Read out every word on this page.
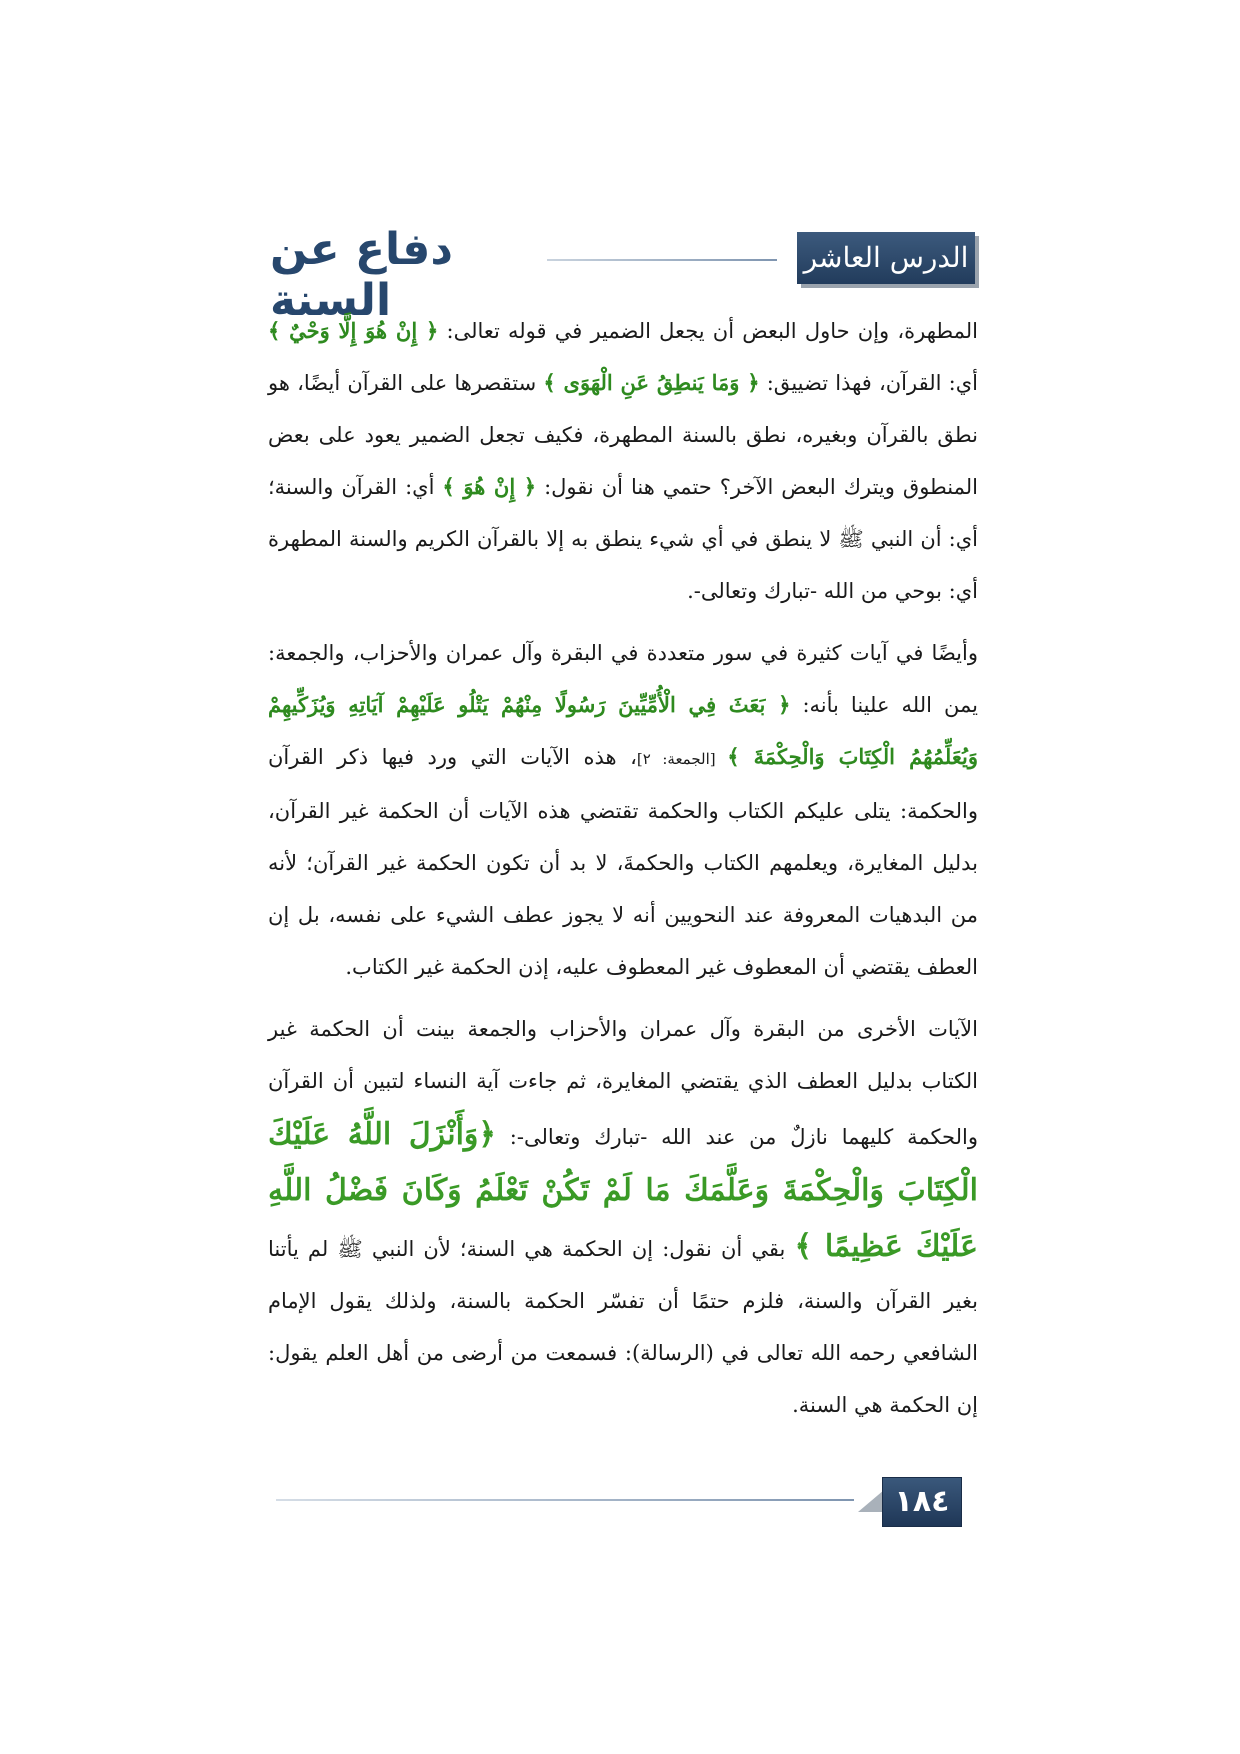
الدرس العاشر
دفاع عن السنة

المطهرة، وإن حاول البعض أن يجعل الضمير في قوله تعالى: ﴿ إِنْ هُوَ إِلَّا وَحْيٌ ﴾ أي: القرآن، فهذا تضييق: ﴿ وَمَا يَنطِقُ عَنِ الْهَوَى ﴾ ستقصرها على القرآن أيضًا، هو نطق بالقرآن وبغيره، نطق بالسنة المطهرة، فكيف تجعل الضمير يعود على بعض المنطوق ويترك البعض الآخر؟ حتمي هنا أن نقول: ﴿ إِنْ هُوَ ﴾ أي: القرآن والسنة؛ أي: أن النبي ﷺ لا ينطق في أي شيء ينطق به إلا بالقرآن الكريم والسنة المطهرة أي: بوحي من الله -تبارك وتعالى-.

وأيضًا في آيات كثيرة في سور متعددة في البقرة وآل عمران والأحزاب، والجمعة: يمن الله علينا بأنه: ﴿ بَعَثَ فِي الْأُمِّيِّينَ رَسُولًا مِنْهُمْ يَتْلُو عَلَيْهِمْ آيَاتِهِ وَيُزَكِّيهِمْ وَيُعَلِّمُهُمُ الْكِتَابَ وَالْحِكْمَةَ ﴾ [الجمعة: ٢]، هذه الآيات التي ورد فيها ذكر القرآن والحكمة: يتلى عليكم الكتاب والحكمة تقتضي هذه الآيات أن الحكمة غير القرآن، بدليل المغايرة، ويعلمهم الكتاب والحكمةَ، لا بد أن تكون الحكمة غير القرآن؛ لأنه من البدهيات المعروفة عند النحويين أنه لا يجوز عطف الشيء على نفسه، بل إن العطف يقتضي أن المعطوف غير المعطوف عليه، إذن الحكمة غير الكتاب.

الآيات الأخرى من البقرة وآل عمران والأحزاب والجمعة بينت أن الحكمة غير الكتاب بدليل العطف الذي يقتضي المغايرة، ثم جاءت آية النساء لتبين أن القرآن والحكمة كليهما نازلٌ من عند الله -تبارك وتعالى-: ﴿وَأَنْزَلَ اللَّهُ عَلَيْكَ الْكِتَابَ وَالْحِكْمَةَ وَعَلَّمَكَ مَا لَمْ تَكُنْ تَعْلَمُ وَكَانَ فَضْلُ اللَّهِ عَلَيْكَ عَظِيمًا ﴾ بقي أن نقول: إن الحكمة هي السنة؛ لأن النبي ﷺ لم يأتنا بغير القرآن والسنة، فلزم حتمًا أن تفسّر الحكمة بالسنة، ولذلك يقول الإمام الشافعي رحمه الله تعالى في (الرسالة): فسمعت من أرضى من أهل العلم يقول: إن الحكمة هي السنة.

١٨٤
